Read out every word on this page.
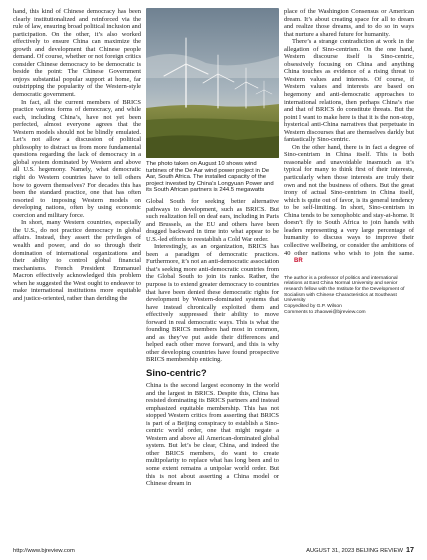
hand, this kind of Chinese democracy has been clearly institutionalized and reinforced via the rule of law, ensuring broad political inclusion and participation. On the other, it’s also worked effectively to ensure China can maximize the growth and development that Chinese people demand. Of course, whether or not foreign critics consider Chinese democracy to be democratic is beside the point: The Chinese Government enjoys substantial popular support at home, far outstripping the popularity of the Western-style democratic government.

In fact, all the current members of BRICS practice various forms of democracy, and while each, including China’s, have not yet been perfected, almost everyone agrees that the Western models should not be blindly emulated. Let’s not allow a discussion of political philosophy to distract us from more fundamental questions regarding the lack of democracy in a global system dominated by Western and above all U.S. hegemony. Namely, what democratic right do Western countries have to tell others how to govern themselves? For decades this has been the standard practice, one that has often resorted to imposing Western models on developing nations, often by using economic coercion and military force.

In short, many Western countries, especially the U.S., do not practice democracy in global affairs. Instead, they assert the privileges of wealth and power, and do so through their domination of international organizations and their ability to control global financial mechanisms. French President Emmanuel Macron effectively acknowledged this problem when he suggested the West ought to endeavor to make international institutions more equitable and justice-oriented, rather than deriding the

The photo taken on August 10 shows wind turbines of the De Aar wind power project in De Aar, South Africa. The installed capacity of the project invested by China’s Longyuan Power and its South African partners is 244.5 megawatts

Global South for seeking better alternative pathways to development, such as BRICS. But such realization fell on deaf ears, including in Paris and Brussels, as the EU and others have been dragged backward in time into what appear to be U.S.-led efforts to reestablish a Cold War order.

Interestingly, as an organization, BRICS has been a paradigm of democratic practices. Furthermore, it’s not an anti-democratic association that’s seeking more anti-democratic countries from the Global South to join its ranks. Rather, the purpose is to extend greater democracy to countries that have been denied these democratic rights for development by Western-dominated systems that have instead chronically exploited them and effectively suppressed their ability to move forward in real democratic ways. This is what the founding BRICS members had most in common, and as they’ve put aside their differences and helped each other move forward, and this is why other developing countries have found prospective BRICS membership enticing.

Sino-centric?

China is the second largest economy in the world and the largest in BRICS. Despite this, China has resisted dominating its BRICS partners and instead emphasized equitable membership. This has not stopped Western critics from asserting that BRICS is part of a Beijing conspiracy to establish a Sino-centric world order, one that might negate a Western and above all American-dominated global system. But let’s be clear, China, and indeed the other BRICS members, do want to create multipolarity to replace what has long been and to some extent remains a unipolar world order. But this is not about asserting a China model or Chinese dream in

place of the Washington Consensus or American dream. It’s about creating space for all to dream and realize those dreams, and to do so in ways that nurture a shared future for humanity.

There’s a strange contradiction at work in the allegation of Sino-centrism. On the one hand, Western discourse itself is Sino-centric, obsessively focusing on China and anything China touches as evidence of a rising threat to Western values and interests. Of course, if Western values and interests are based on hegemony and anti-democratic approaches to international relations, then perhaps China’s rise and that of BRICS do constitute threats. But the point I want to make here is that it is the non-stop, hysterical anti-China narratives that perpetuate in Western discourses that are themselves darkly but fantastically Sino-centric.

On the other hand, there is in fact a degree of Sino-centrism in China itself. This is both reasonable and unavoidable inasmuch as it’s typical for many to think first of their interests, particularly when those interests are truly their own and not the business of others. But the great irony of actual Sino-centrism in China itself, which is quite out of favor, is its general tendency to be self-limiting. In short, Sino-centrism in China tends to be xenophobic and stay-at-home. It doesn’t fly to South Africa to join hands with leaders representing a very large percentage of humanity to discuss ways to improve their collective wellbeing, or consider the ambitions of 40 other nations who wish to join the same.BR

The author is a professor of politics and international relations at East China Normal University and senior research fellow with the Institute for the Development of Socialism with Chinese Characteristics at Southeast University
Copyedited by G.P. Wilson
Comments to zhaowei@bjreview.com
http://www.bjreview.com	AUGUST 31, 2023 BEIJING REVIEW 17
